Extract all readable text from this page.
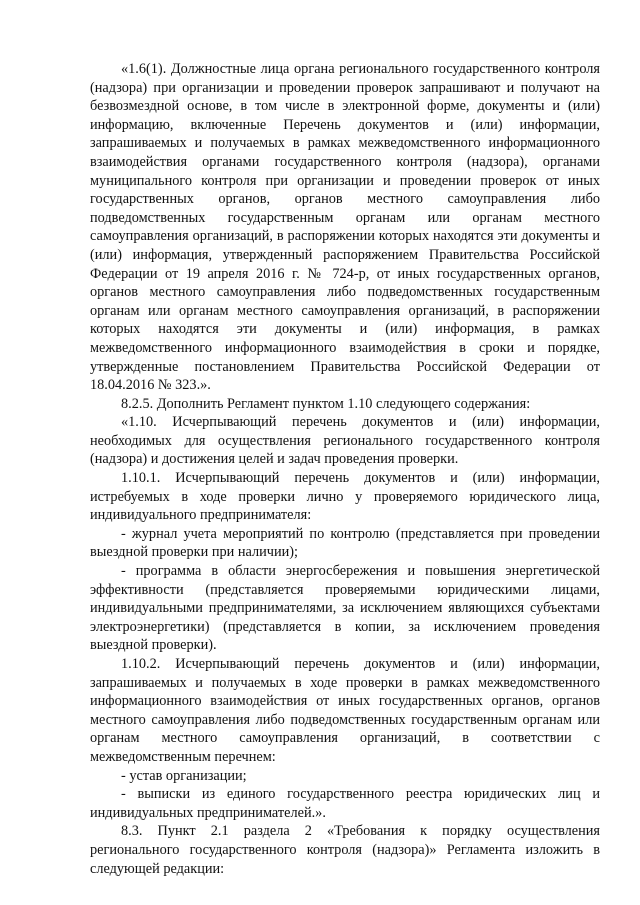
«1.6(1). Должностные лица органа регионального государственного контроля (надзора) при организации и проведении проверок запрашивают и получают на безвозмездной основе, в том числе в электронной форме, документы и (или) информацию, включенные Перечень документов и (или) информации, запрашиваемых и получаемых в рамках межведомственного информационного взаимодействия органами государственного контроля (надзора), органами муниципального контроля при организации и проведении проверок от иных государственных органов, органов местного самоуправления либо подведомственных государственным органам или органам местного самоуправления организаций, в распоряжении которых находятся эти документы и (или) информация, утвержденный распоряжением Правительства Российской Федерации от 19 апреля 2016 г. № 724-р, от иных государственных органов, органов местного самоуправления либо подведомственных государственным органам или органам местного самоуправления организаций, в распоряжении которых находятся эти документы и (или) информация, в рамках межведомственного информационного взаимодействия в сроки и порядке, утвержденные постановлением Правительства Российской Федерации от 18.04.2016 № 323.».

8.2.5. Дополнить Регламент пунктом 1.10 следующего содержания:

«1.10. Исчерпывающий перечень документов и (или) информации, необходимых для осуществления регионального государственного контроля (надзора) и достижения целей и задач проведения проверки.

1.10.1. Исчерпывающий перечень документов и (или) информации, истребуемых в ходе проверки лично у проверяемого юридического лица, индивидуального предпринимателя:

- журнал учета мероприятий по контролю (представляется при проведении выездной проверки при наличии);

- программа в области энергосбережения и повышения энергетической эффективности (представляется проверяемыми юридическими лицами, индивидуальными предпринимателями, за исключением являющихся субъектами электроэнергетики) (представляется в копии, за исключением проведения выездной проверки).

1.10.2. Исчерпывающий перечень документов и (или) информации, запрашиваемых и получаемых в ходе проверки в рамках межведомственного информационного взаимодействия от иных государственных органов, органов местного самоуправления либо подведомственных государственным органам или органам местного самоуправления организаций, в соответствии с межведомственным перечнем:

- устав организации;

- выписки из единого государственного реестра юридических лиц и индивидуальных предпринимателей.».

8.3. Пункт 2.1 раздела 2 «Требования к порядку осуществления регионального государственного контроля (надзора)» Регламента изложить в следующей редакции:
